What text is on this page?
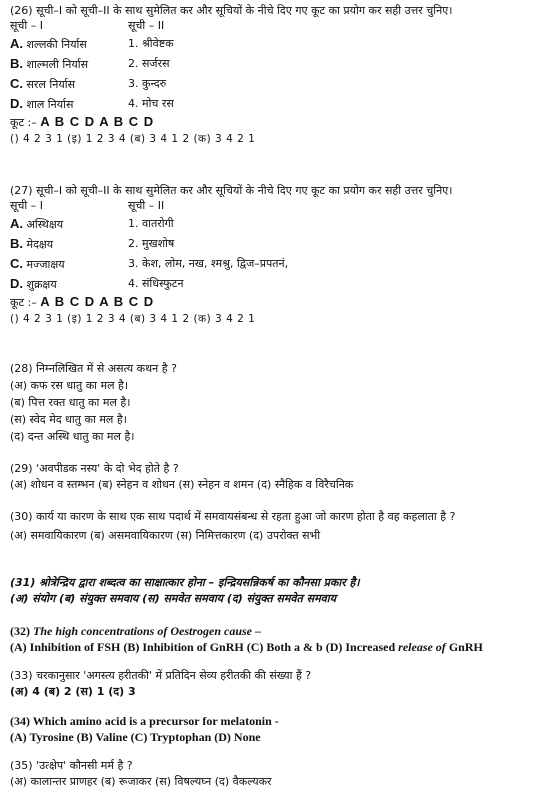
(26) सूची–I को सूची–II के साथ सुमेलित कर और सूचियों के नीचे दिए गए कूट का प्रयोग कर सही उत्तर चुनिए।
सूची – I	सूची – II
A. शल्लकी निर्यास	1. श्रीवेष्टक
B. शाल्मली निर्यास	2. सर्जरस
C. सरल निर्यास	3. कुन्दरु
D. शाल निर्यास	4. मोच रस
कूट :– A B C D A B C D
() 4 2 3 1 (इ) 1 2 3 4 (ब) 3 4 1 2 (क) 3 4 2 1
(27) सूची–I को सूची–II के साथ सुमेलित कर और सूचियों के नीचे दिए गए कूट का प्रयोग कर सही उत्तर चुनिए।
सूची – I	सूची – II
A. अस्थिक्षय	1. वातरोगी
B. मेदक्षय	2. मुखशोष
C. मज्जाक्षय	3. केश, लोम, नख, श्मश्रु, द्विज–प्रपतनं,
D. शुक्रक्षय	4. संधिस्फुटन
कूट :– A B C D A B C D
() 4 2 3 1 (इ) 1 2 3 4 (ब) 3 4 1 2 (क) 3 4 2 1
(28) निम्नलिखित में से असत्य कथन है ?
(अ) कफ रस धातु का मल है।
(ब) पित्त रक्त धातु का मल है।
(स) स्वेद मेद धातु का मल है।
(द) दन्त अस्थि धातु का मल है।
(29) 'अवपीडक नस्य' के दो भेद होते है ?
(अ) शोधन व स्तम्भन (ब) स्नेहन व शोधन (स) स्नेहन व शमन (द) स्नैहिक व विरैचनिक
(30) कार्य या कारण के साथ एक साथ पदार्थ में समवायसंबन्ध से रहता हुआ जो कारण होता है वह कहलाता है ?
(अ) समवायिकारण (ब) असमवायिकारण (स) निमित्तकारण (द) उपरोक्त सभी
(31) श्रोत्रेन्द्रिय द्वारा शब्दत्व का साक्षात्कार होना – इन्द्रियसन्निकर्ष का कौनसा प्रकार है।
(अ) संयोग (ब) संयुक्त समवाय (स) समवेत समवाय (द) संयुक्त समवेत समवाय
(32) The high concentrations of Oestrogen cause –
(A) Inhibition of FSH (B) Inhibition of GnRH (C) Both a & b (D) Increased release of GnRH
(33) चरकानुसार 'अगस्त्य हरीतकी' में प्रतिदिन सेव्य हरीतकी की संख्या हैं ?
(अ) 4 (ब) 2 (स) 1 (द) 3
(34) Which amino acid is a precursor for melatonin -
(A) Tyrosine (B) Valine (C) Tryptophan (D) None
(35) 'उत्क्षेप' कौनसी मर्म है ?
(अ) कालान्तर प्राणहर (ब) रूजाकर (स) विषल्यघ्न (द) वैकल्यकर
